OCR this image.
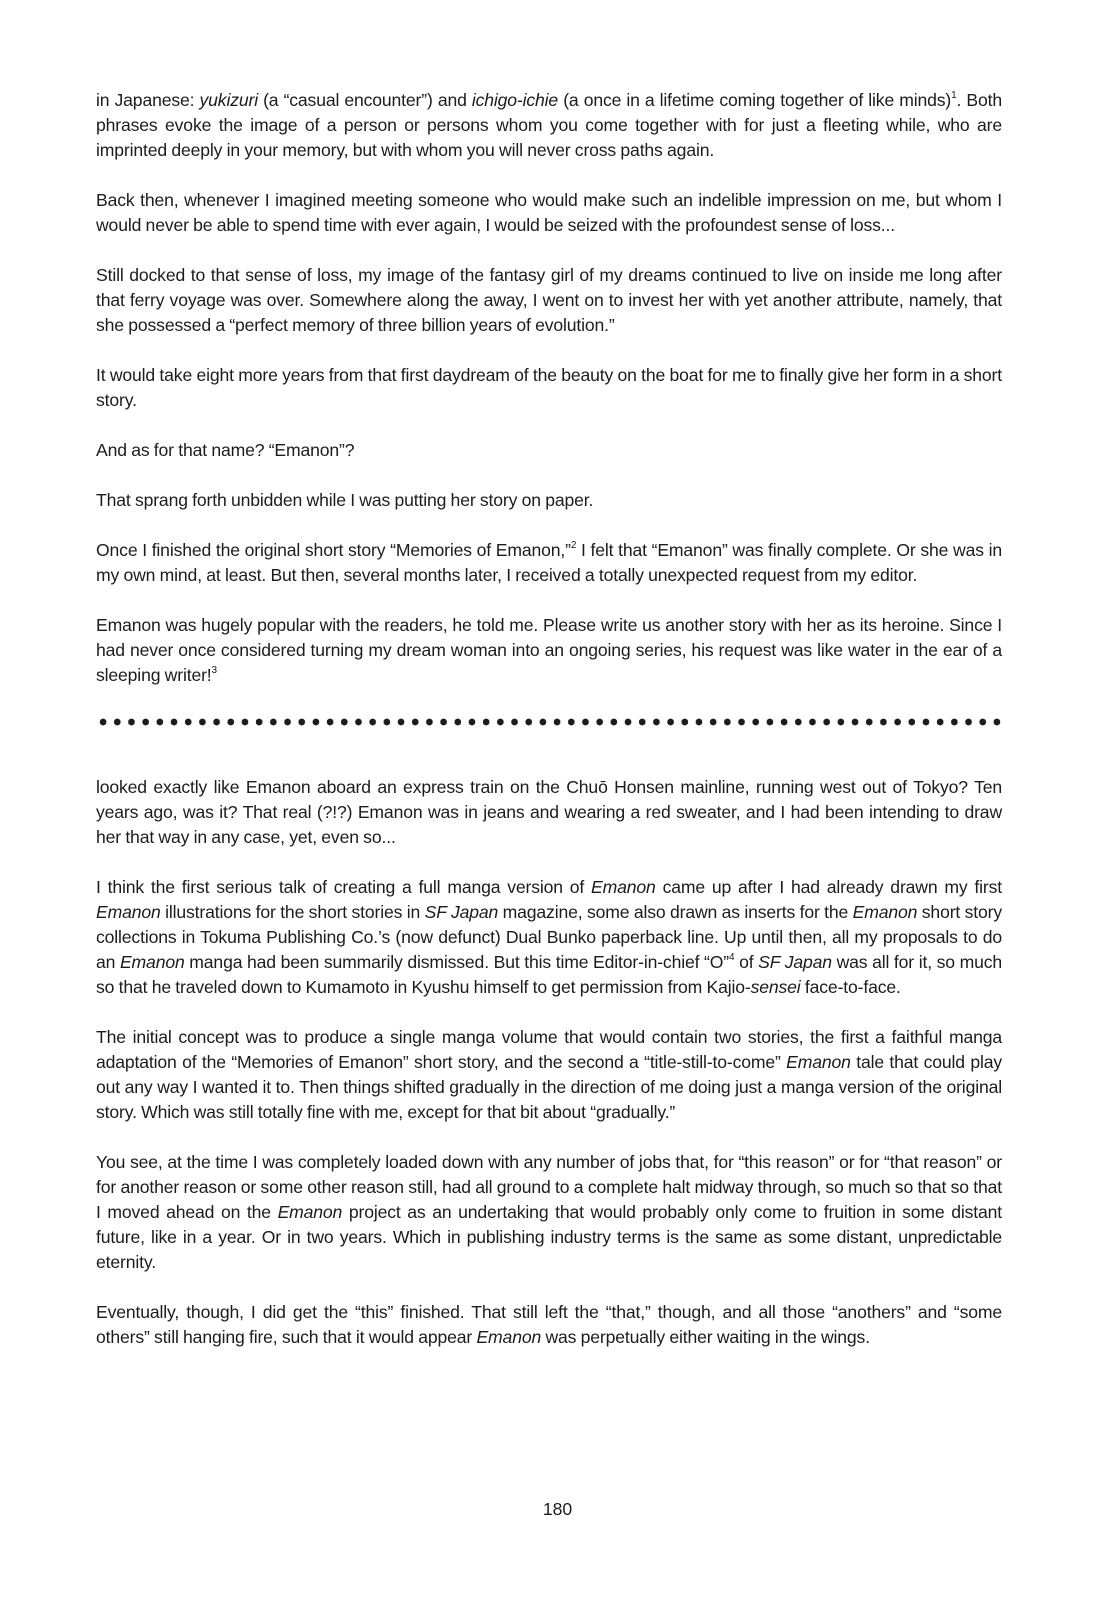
in Japanese: yukizuri (a “casual encounter”) and ichigo-ichie (a once in a lifetime coming together of like minds)$^1$. Both phrases evoke the image of a person or persons whom you come together with for just a fleeting while, who are imprinted deeply in your memory, but with whom you will never cross paths again.

Back then, whenever I imagined meeting someone who would make such an indelible impression on me, but whom I would never be able to spend time with ever again, I would be seized with the profoundest sense of loss...

Still docked to that sense of loss, my image of the fantasy girl of my dreams continued to live on inside me long after that ferry voyage was over. Somewhere along the away, I went on to invest her with yet another attribute, namely, that she possessed a “perfect memory of three billion years of evolution.”

It would take eight more years from that first daydream of the beauty on the boat for me to finally give her form in a short story.

And as for that name? “Emanon”?

That sprang forth unbidden while I was putting her story on paper.

Once I finished the original short story “Memories of Emanon,”$^2$ I felt that “Emanon” was finally complete. Or she was in my own mind, at least. But then, several months later, I received a totally unexpected request from my editor.

Emanon was hugely popular with the readers, he told me. Please write us another story with her as its heroine. Since I had never once considered turning my dream woman into an ongoing series, his request was like water in the ear of a sleeping writer!$^3$

looked exactly like Emanon aboard an express train on the Chuō Honsen mainline, running west out of Tokyo? Ten years ago, was it? That real (?!?) Emanon was in jeans and wearing a red sweater, and I had been intending to draw her that way in any case, yet, even so...

I think the first serious talk of creating a full manga version of Emanon came up after I had already drawn my first Emanon illustrations for the short stories in SF Japan magazine, some also drawn as inserts for the Emanon short story collections in Tokuma Publishing Co.’s (now defunct) Dual Bunko paperback line. Up until then, all my proposals to do an Emanon manga had been summarily dismissed. But this time Editor-in-chief “O”$^4$ of SF Japan was all for it, so much so that he traveled down to Kumamoto in Kyushu himself to get permission from Kajio-sensei face-to-face.

The initial concept was to produce a single manga volume that would contain two stories, the first a faithful manga adaptation of the “Memories of Emanon” short story, and the second a “title-still-to-come” Emanon tale that could play out any way I wanted it to. Then things shifted gradually in the direction of me doing just a manga version of the original story. Which was still totally fine with me, except for that bit about “gradually.”

You see, at the time I was completely loaded down with any number of jobs that, for “this reason” or for “that reason” or for another reason or some other reason still, had all ground to a complete halt midway through, so much so that so that I moved ahead on the Emanon project as an undertaking that would probably only come to fruition in some distant future, like in a year. Or in two years. Which in publishing industry terms is the same as some distant, unpredictable eternity.

Eventually, though, I did get the “this” finished. That still left the “that,” though, and all those “anothers” and “some others” still hanging fire, such that it would appear Emanon was perpetually either waiting in the wings.

180
